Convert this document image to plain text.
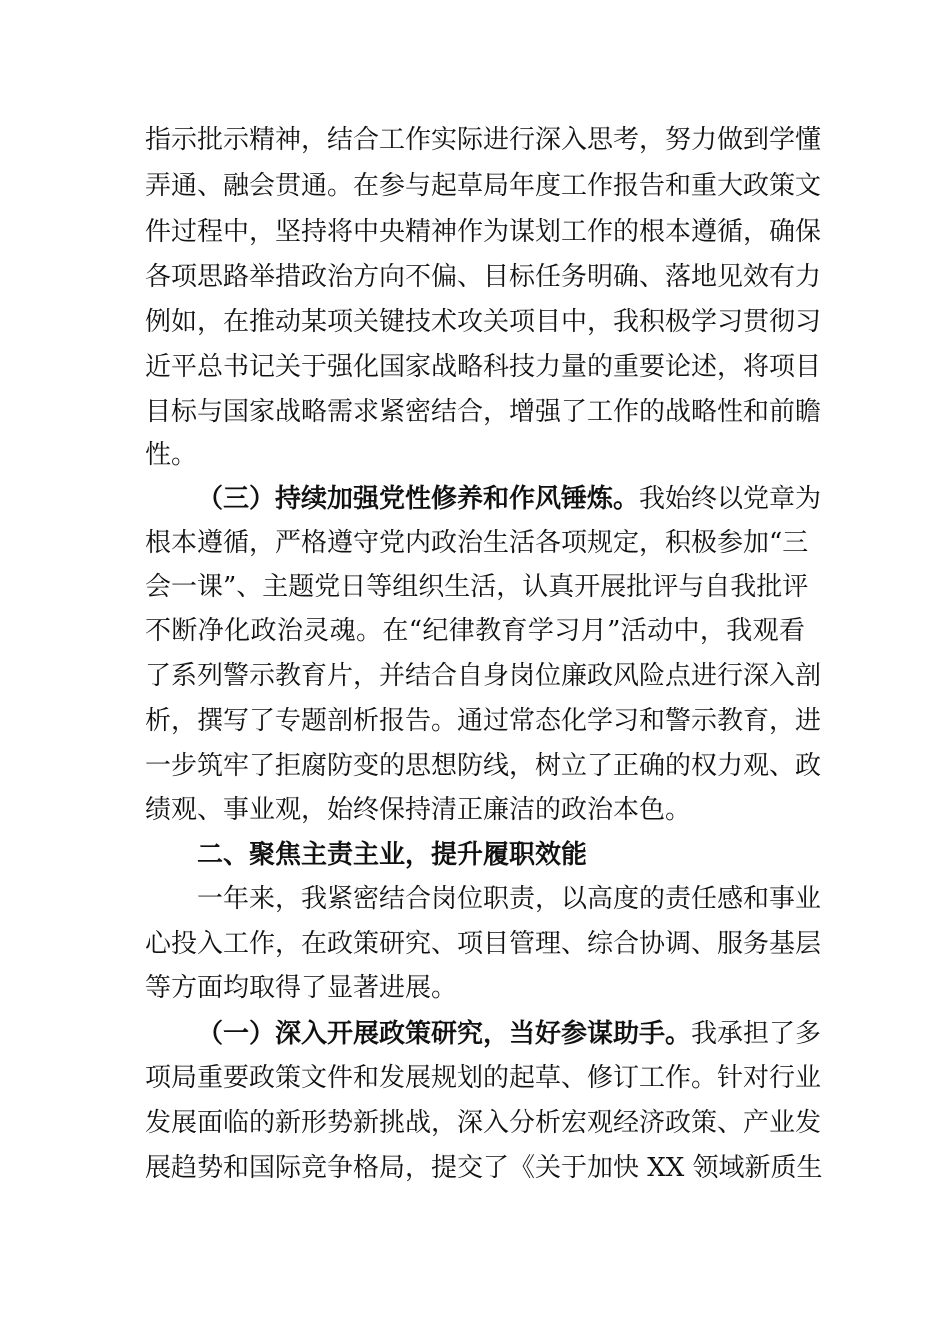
指示批示精神，结合工作实际进行深入思考，努力做到学懂
弄通、融会贯通。在参与起草局年度工作报告和重大政策文
件过程中，坚持将中央精神作为谋划工作的根本遵循，确保
各项思路举措政治方向不偏、目标任务明确、落地见效有力
例如，在推动某项关键技术攻关项目中，我积极学习贯彻习
近平总书记关于强化国家战略科技力量的重要论述，将项目
目标与国家战略需求紧密结合，增强了工作的战略性和前瞻
性。
（三）持续加强党性修养和作风锤炼。我始终以党章为
根本遵循，严格遵守党内政治生活各项规定，积极参加“三
会一课”、主题党日等组织生活，认真开展批评与自我批评
不断净化政治灵魂。在“纪律教育学习月”活动中，我观看
了系列警示教育片，并结合自身岗位廉政风险点进行深入剖
析，撰写了专题剖析报告。通过常态化学习和警示教育，进
一步筑牢了拒腐防变的思想防线，树立了正确的权力观、政
绩观、事业观，始终保持清正廉洁的政治本色。
二、聚焦主责主业，提升履职效能
一年来，我紧密结合岗位职责，以高度的责任感和事业
心投入工作，在政策研究、项目管理、综合协调、服务基层
等方面均取得了显著进展。
（一）深入开展政策研究，当好参谋助手。我承担了多
项局重要政策文件和发展规划的起草、修订工作。针对行业
发展面临的新形势新挑战，深入分析宏观经济政策、产业发
展趋势和国际竞争格局，提交了《关于加快 XX 领域新质生
